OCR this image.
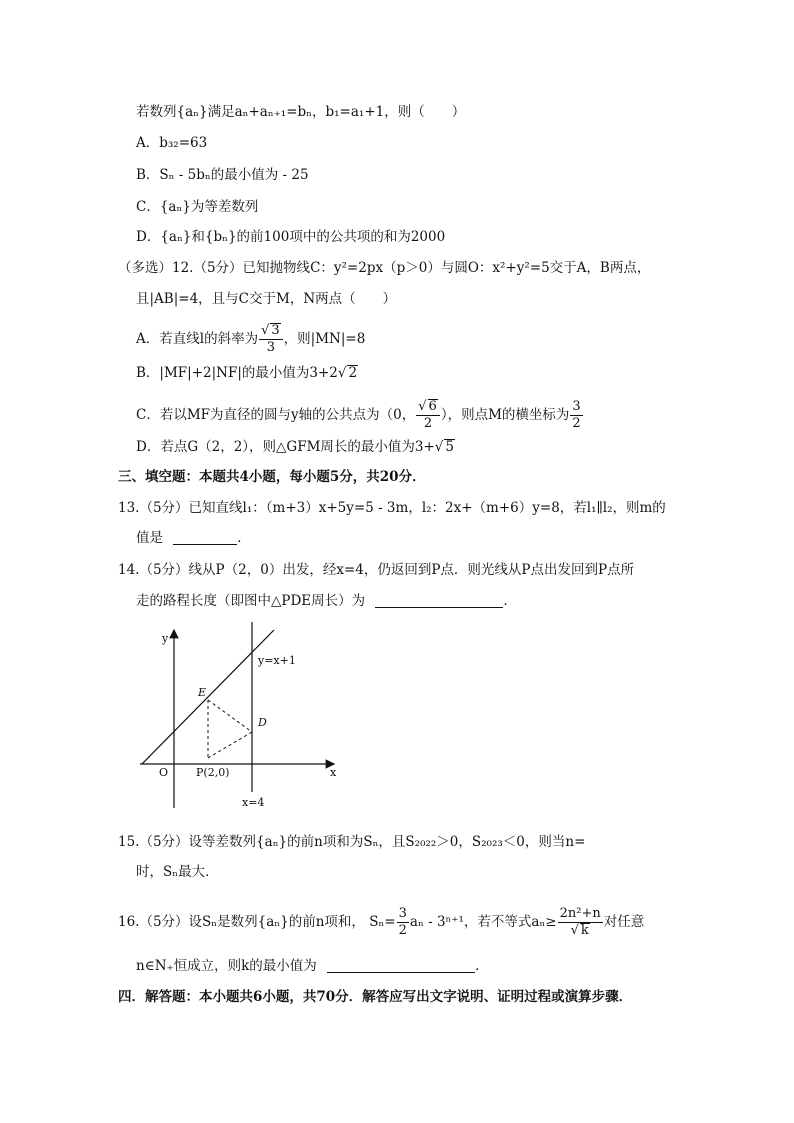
若数列{aₙ}满足aₙ+aₙ₊₁=bₙ，b₁=a₁+1，则（　　）
A．b₃₂=63
B．Sₙ - 5bₙ的最小值为 - 25
C．{aₙ}为等差数列
D．{aₙ}和{bₙ}的前100项中的公共项的和为2000
（多选）12.（5分）已知抛物线C：y²=2px（p＞0）与圆O：x²+y²=5交于A，B两点，
且|AB|=4，且与C交于M，N两点（　　）
A．若直线l的斜率为 $\frac{√ 3}{3}$ ，则|MN|=8
B．|MF|+2|NF|的最小值为3+2√ 2
C．若以MF为直径的圆与y轴的公共点为（0， $\frac{√ 6}{2}$ ），则点M的横坐标为 $\frac{3}{2}$
D．若点G（2，2），则△GFM周长的最小值为3+√ 5
三、填空题：本题共4小题，每小题5分，共20分．
13.（5分）已知直线l₁：（m+3）x+5y=5 - 3m，l₂：2x+（m+6）y=8，若l₁∥l₂，则m的
值是	．
14.（5分）线从P（2，0）出发，经x=4，仍返回到P点．则光线从P点出发回到P点所
走的路程长度（即图中△PDE周长）为	．
x
y
O
y=x+1
x=4
E
D
P(2,0)
15.（5分）设等差数列{aₙ}的前n项和为Sₙ，且S₂₀₂₂＞0，S₂₀₂₃＜0，则当n=
时，Sₙ最大．
16.（5分）设Sₙ是数列{aₙ}的前n项和， $S_n= \frac{3}{2}$ aₙ - 3ⁿ⁺¹，若不等式$a_n\ge \frac{\text{2n²+n}}{√ k}$ 对任意
n∈N₊恒成立，则k的最小值为	．
四．解答题：本小题共6小题，共70分．解答应写出文字说明、证明过程或演算步骤．
